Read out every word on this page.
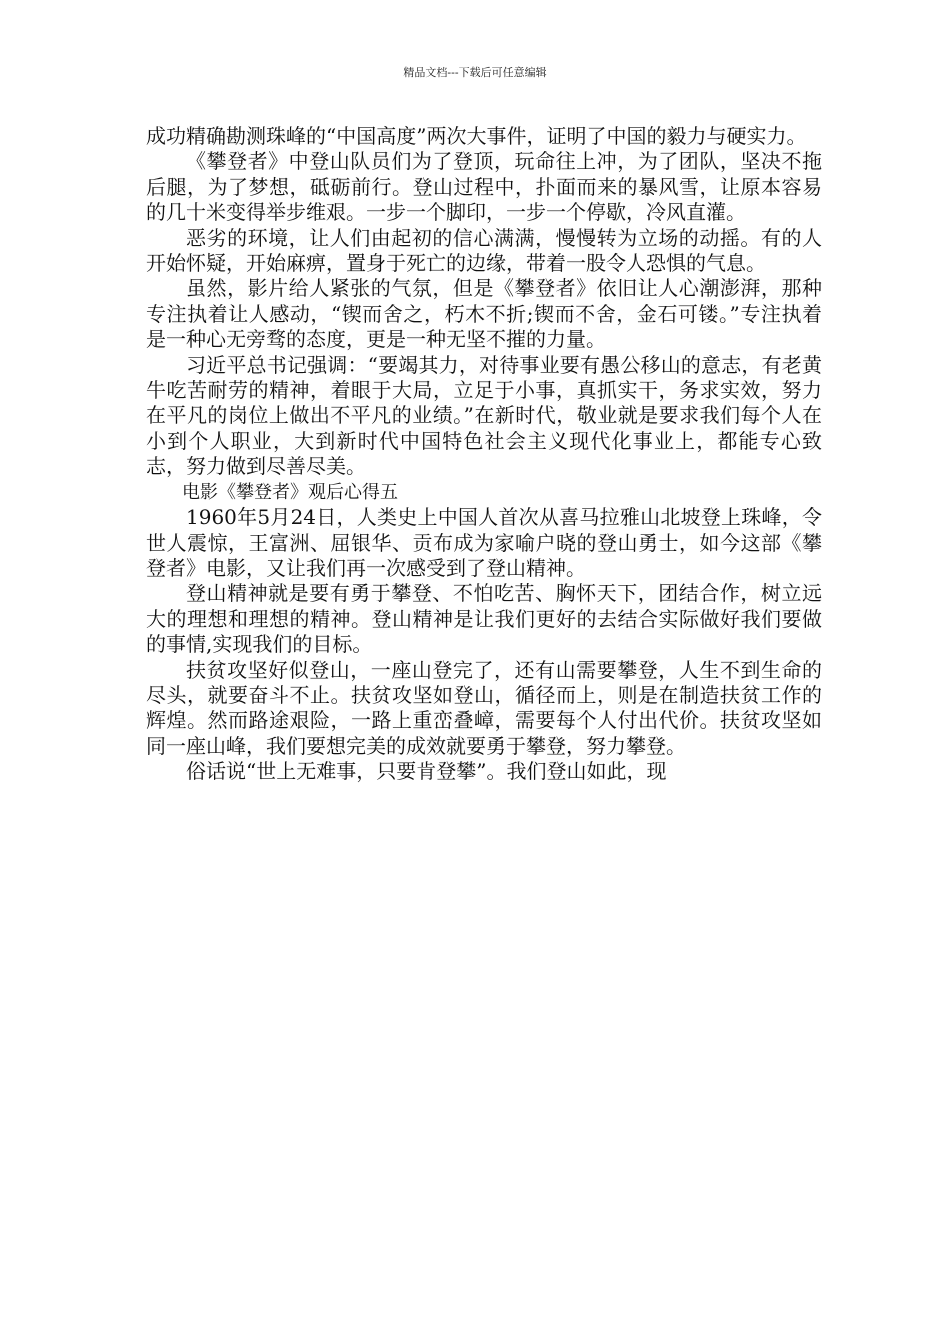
精品文档---下载后可任意编辑

成功精确勘测珠峰的“中国高度”两次大事件，证明了中国的毅力与硬实力。

《攀登者》中登山队员们为了登顶，玩命往上冲，为了团队，坚决不拖后腿，为了梦想，砥砺前行。登山过程中，扑面而来的暴风雪，让原本容易的几十米变得举步维艰。一步一个脚印，一步一个停歇，冷风直灌。

恶劣的环境，让人们由起初的信心满满，慢慢转为立场的动摇。有的人开始怀疑，开始麻痹，置身于死亡的边缘，带着一股令人恐惧的气息。

虽然，影片给人紧张的气氛，但是《攀登者》依旧让人心潮澎湃，那种专注执着让人感动，“锲而舍之，朽木不折;锲而不舍，金石可镂。”专注执着是一种心无旁骛的态度，更是一种无坚不摧的力量。

习近平总书记强调：“要竭其力，对待事业要有愚公移山的意志，有老黄牛吃苦耐劳的精神，着眼于大局，立足于小事，真抓实干，务求实效，努力在平凡的岗位上做出不平凡的业绩。”在新时代，敬业就是要求我们每个人在小到个人职业，大到新时代中国特色社会主义现代化事业上，都能专心致志，努力做到尽善尽美。

电影《攀登者》观后心得五

1960年5月24日，人类史上中国人首次从喜马拉雅山北坡登上珠峰，令世人震惊，王富洲、屈银华、贡布成为家喻户晓的登山勇士，如今这部《攀登者》电影，又让我们再一次感受到了登山精神。

登山精神就是要有勇于攀登、不怕吃苦、胸怀天下，团结合作，树立远大的理想和理想的精神。登山精神是让我们更好的去结合实际做好我们要做的事情,实现我们的目标。

扶贫攻坚好似登山，一座山登完了，还有山需要攀登，人生不到生命的尽头，就要奋斗不止。扶贫攻坚如登山，循径而上，则是在制造扶贫工作的辉煌。然而路途艰险，一路上重峦叠嶂，需要每个人付出代价。扶贫攻坚如同一座山峰，我们要想完美的成效就要勇于攀登，努力攀登。

俗话说“世上无难事，只要肯登攀”。我们登山如此，现
